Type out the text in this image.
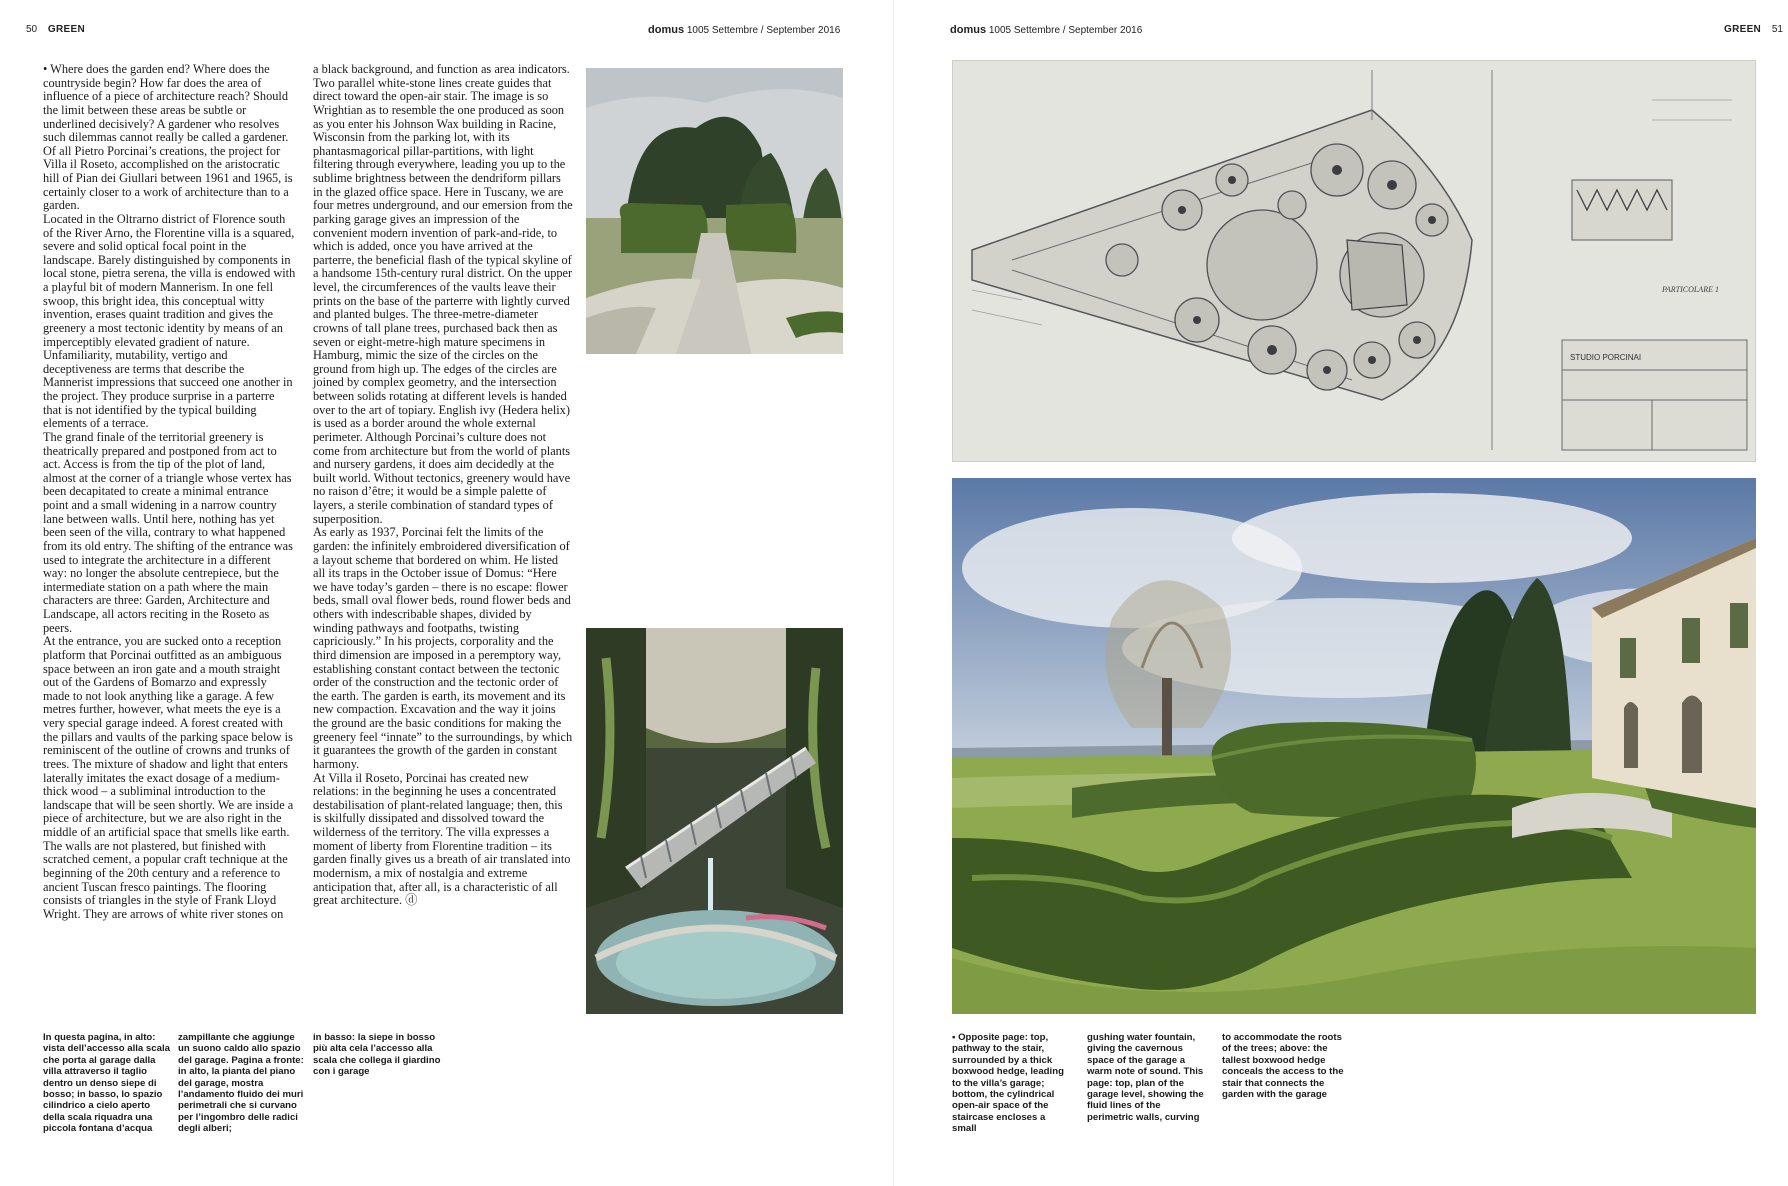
50 GREEN	domus 1005 Settembre / September 2016

• Where does the garden end? Where does the countryside begin? How far does the area of influence of a piece of architecture reach? Should the limit between these areas be subtle or underlined decisively? A gardener who resolves such dilemmas cannot really be called a gardener.

Of all Pietro Porcinai’s creations, the project for Villa il Roseto, accomplished on the aristocratic hill of Pian dei Giullari between 1961 and 1965, is certainly closer to a work of architecture than to a garden.

Located in the Oltrarno district of Florence south of the River Arno, the Florentine villa is a squared, severe and solid optical focal point in the landscape. Barely distinguished by components in local stone, pietra serena, the villa is endowed with a playful bit of modern Mannerism. In one fell swoop, this bright idea, this conceptual witty invention, erases quaint tradition and gives the greenery a most tectonic identity by means of an imperceptibly elevated gradient of nature. Unfamiliarity, mutability, vertigo and deceptiveness are terms that describe the Mannerist impressions that succeed one another in the project. They produce surprise in a parterre that is not identified by the typical building elements of a terrace.

The grand finale of the territorial greenery is theatrically prepared and postponed from act to act. Access is from the tip of the plot of land, almost at the corner of a triangle whose vertex has been decapitated to create a minimal entrance point and a small widening in a narrow country lane between walls. Until here, nothing has yet been seen of the villa, contrary to what happened from its old entry. The shifting of the entrance was used to integrate the architecture in a different way: no longer the absolute centrepiece, but the intermediate station on a path where the main characters are three: Garden, Architecture and Landscape, all actors reciting in the Roseto as peers.

At the entrance, you are sucked onto a reception platform that Porcinai outfitted as an ambiguous space between an iron gate and a mouth straight out of the Gardens of Bomarzo and expressly made to not look anything like a garage. A few metres further, however, what meets the eye is a very special garage indeed. A forest created with the pillars and vaults of the parking space below is reminiscent of the outline of crowns and trunks of trees. The mixture of shadow and light that enters laterally imitates the exact dosage of a medium-thick wood – a subliminal introduction to the landscape that will be seen shortly. We are inside a piece of architecture, but we are also right in the middle of an artificial space that smells like earth. The walls are not plastered, but finished with scratched cement, a popular craft technique at the beginning of the 20th century and a reference to ancient Tuscan fresco paintings. The flooring consists of triangles in the style of Frank Lloyd Wright. They are arrows of white river stones on

a black background, and function as area indicators. Two parallel white-stone lines create guides that direct toward the open-air stair. The image is so Wrightian as to resemble the one produced as soon as you enter his Johnson Wax building in Racine, Wisconsin from the parking lot, with its phantasmagorical pillar-partitions, with light filtering through everywhere, leading you up to the sublime brightness between the dendriform pillars in the glazed office space. Here in Tuscany, we are four metres underground, and our emersion from the parking garage gives an impression of the convenient modern invention of park-and-ride, to which is added, once you have arrived at the parterre, the beneficial flash of the typical skyline of a handsome 15th-century rural district. On the upper level, the circumferences of the vaults leave their prints on the base of the parterre with lightly curved and planted bulges. The three-metre-diameter crowns of tall plane trees, purchased back then as seven or eight-metre-high mature specimens in Hamburg, mimic the size of the circles on the ground from high up. The edges of the circles are joined by complex geometry, and the intersection between solids rotating at different levels is handed over to the art of topiary. English ivy (Hedera helix) is used as a border around the whole external perimeter. Although Porcinai’s culture does not come from architecture but from the world of plants and nursery gardens, it does aim decidedly at the built world. Without tectonics, greenery would have no raison d’être; it would be a simple palette of layers, a sterile combination of standard types of superposition.

As early as 1937, Porcinai felt the limits of the garden: the infinitely embroidered diversification of a layout scheme that bordered on whim. He listed all its traps in the October issue of Domus: “Here we have today’s garden – there is no escape: flower beds, small oval flower beds, round flower beds and others with indescribable shapes, divided by winding pathways and footpaths, twisting capriciously.” In his projects, corporality and the third dimension are imposed in a peremptory way, establishing constant contact between the tectonic order of the construction and the tectonic order of the earth. The garden is earth, its movement and its new compaction. Excavation and the way it joins the ground are the basic conditions for making the greenery feel “innate” to the surroundings, by which it guarantees the growth of the garden in constant harmony.

At Villa il Roseto, Porcinai has created new relations: in the beginning he uses a concentrated destabilisation of plant-related language; then, this is skilfully dissipated and dissolved toward the wilderness of the territory. The villa expresses a moment of liberty from Florentine tradition – its garden finally gives us a breath of air translated into modernism, a mix of nostalgia and extreme anticipation that, after all, is a characteristic of all great architecture. ⓓ

In questa pagina, in alto: vista dell’accesso alla scala che porta al garage dalla villa attraverso il taglio dentro un denso siepe di bosso; in basso, lo spazio cilindrico a cielo aperto della scala riquadra una piccola fontana d’acqua

zampillante che aggiunge un suono caldo allo spazio del garage. Pagina a fronte: in alto, la pianta del piano del garage, mostra l’andamento fluido dei muri perimetrali che si curvano per l’ingombro delle radici degli alberi;

in basso: la siepe in bosso più alta cela l’accesso alla scala che collega il giardino con i garage

domus 1005 Settembre / September 2016	GREEN 51
PARTICOLARE 1
STUDIO PORCINAI

▪ Opposite page: top, pathway to the stair, surrounded by a thick boxwood hedge, leading to the villa’s garage; bottom, the cylindrical open-air space of the staircase encloses a small

gushing water fountain, giving the cavernous space of the garage a warm note of sound. This page: top, plan of the garage level, showing the fluid lines of the perimetric walls, curving

to accommodate the roots of the trees; above: the tallest boxwood hedge conceals the access to the stair that connects the garden with the garage
